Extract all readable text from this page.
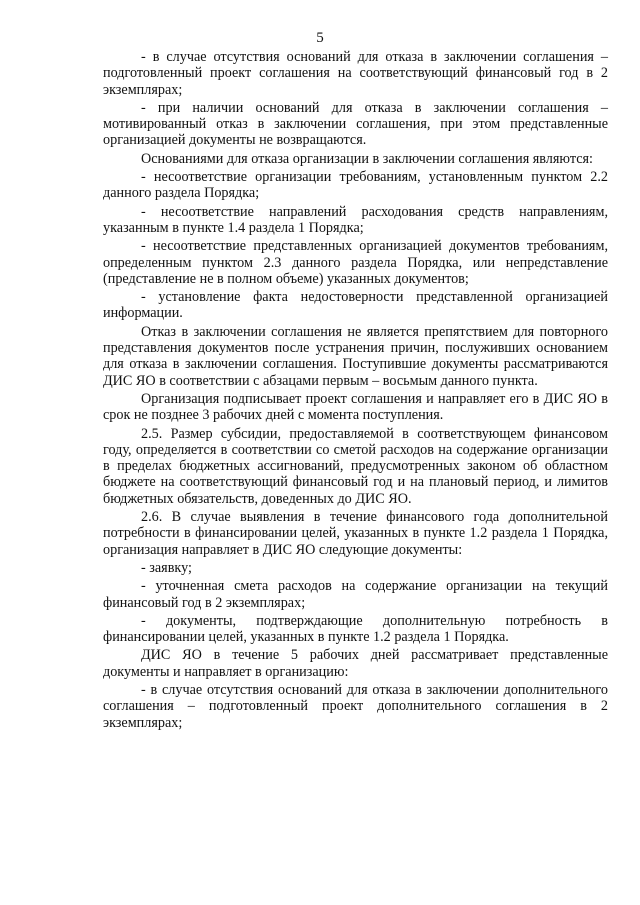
5

- в случае отсутствия оснований для отказа в заключении соглашения – подготовленный проект соглашения на соответствующий финансовый год в 2 экземплярах;

- при наличии оснований для отказа в заключении соглашения – мотивированный отказ в заключении соглашения, при этом представленные организацией документы не возвращаются.

Основаниями для отказа организации в заключении соглашения являются:

- несоответствие организации требованиям, установленным пунктом 2.2 данного раздела Порядка;

- несоответствие направлений расходования средств направлениям, указанным в пункте 1.4 раздела 1 Порядка;

- несоответствие представленных организацией документов требованиям, определенным пунктом 2.3 данного раздела Порядка, или непредставление (представление не в полном объеме) указанных документов;

- установление факта недостоверности представленной организацией информации.

Отказ в заключении соглашения не является препятствием для повторного представления документов после устранения причин, послуживших основанием для отказа в заключении соглашения. Поступившие документы рассматриваются ДИС ЯО в соответствии с абзацами первым – восьмым данного пункта.

Организация подписывает проект соглашения и направляет его в ДИС ЯО в срок не позднее 3 рабочих дней с момента поступления.

2.5. Размер субсидии, предоставляемой в соответствующем финансовом году, определяется в соответствии со сметой расходов на содержание организации в пределах бюджетных ассигнований, предусмотренных законом об областном бюджете на соответствующий финансовый год и на плановый период, и лимитов бюджетных обязательств, доведенных до ДИС ЯО.

2.6. В случае выявления в течение финансового года дополнительной потребности в финансировании целей, указанных в пункте 1.2 раздела 1 Порядка, организация направляет в ДИС ЯО следующие документы:

- заявку;

- уточненная смета расходов на содержание организации на текущий финансовый год в 2 экземплярах;

- документы, подтверждающие дополнительную потребность в финансировании целей, указанных в пункте 1.2 раздела 1 Порядка.

ДИС ЯО в течение 5 рабочих дней рассматривает представленные документы и направляет в организацию:

- в случае отсутствия оснований для отказа в заключении дополнительного соглашения – подготовленный проект дополнительного соглашения в 2 экземплярах;
